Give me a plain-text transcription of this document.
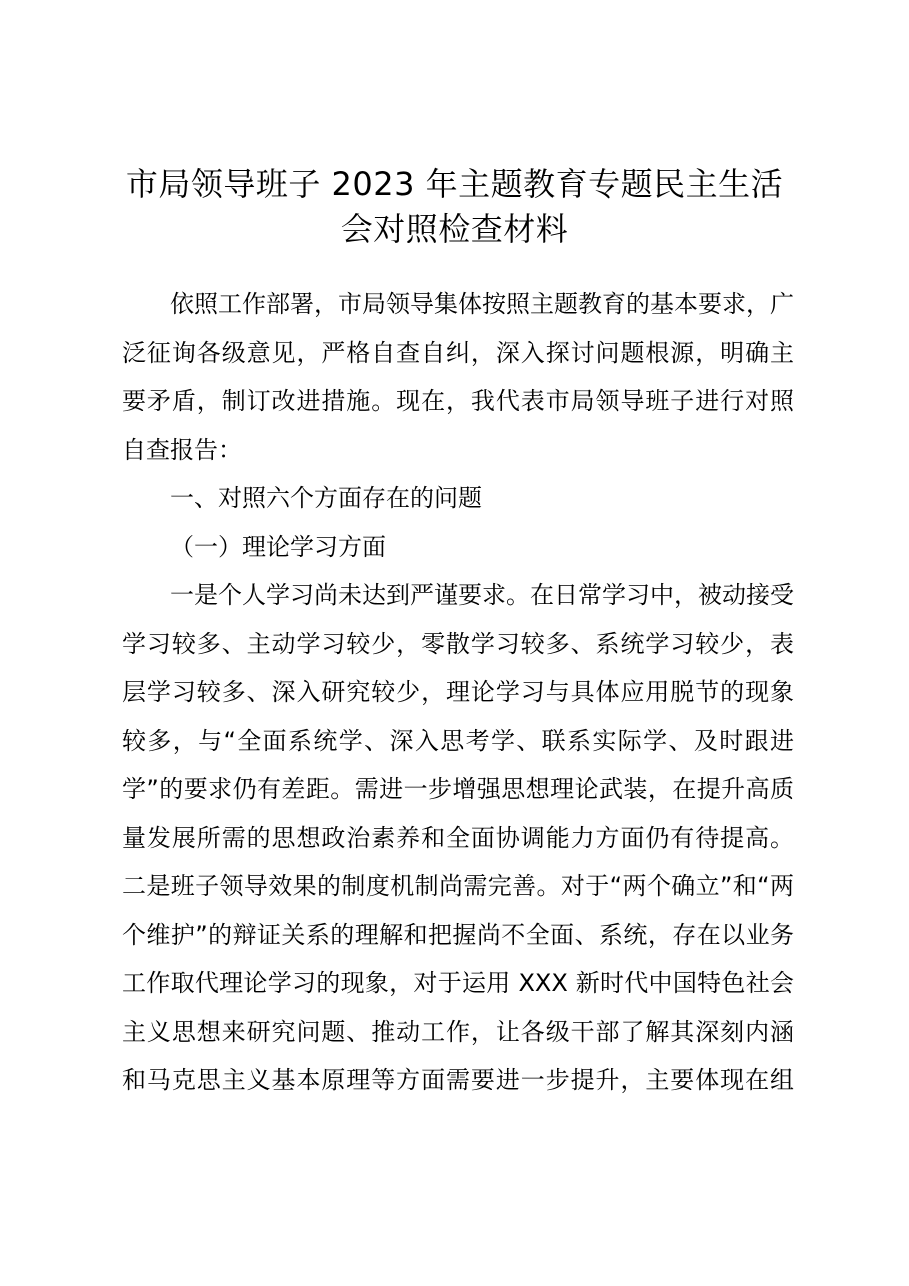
市局领导班子 2023 年主题教育专题民主生活
会对照检查材料
依照工作部署，市局领导集体按照主题教育的基本要求，广
泛征询各级意见，严格自查自纠，深入探讨问题根源，明确主
要矛盾，制订改进措施。现在，我代表市局领导班子进行对照
自查报告：
一、对照六个方面存在的问题
（一）理论学习方面
一是个人学习尚未达到严谨要求。在日常学习中，被动接受
学习较多、主动学习较少，零散学习较多、系统学习较少，表
层学习较多、深入研究较少，理论学习与具体应用脱节的现象
较多，与“全面系统学、深入思考学、联系实际学、及时跟进
学”的要求仍有差距。需进一步增强思想理论武装，在提升高质
量发展所需的思想政治素养和全面协调能力方面仍有待提高。
二是班子领导效果的制度机制尚需完善。对于“两个确立”和“两
个维护”的辩证关系的理解和把握尚不全面、系统，存在以业务
工作取代理论学习的现象，对于运用 XXX 新时代中国特色社会
主义思想来研究问题、推动工作，让各级干部了解其深刻内涵
和马克思主义基本原理等方面需要进一步提升，主要体现在组
